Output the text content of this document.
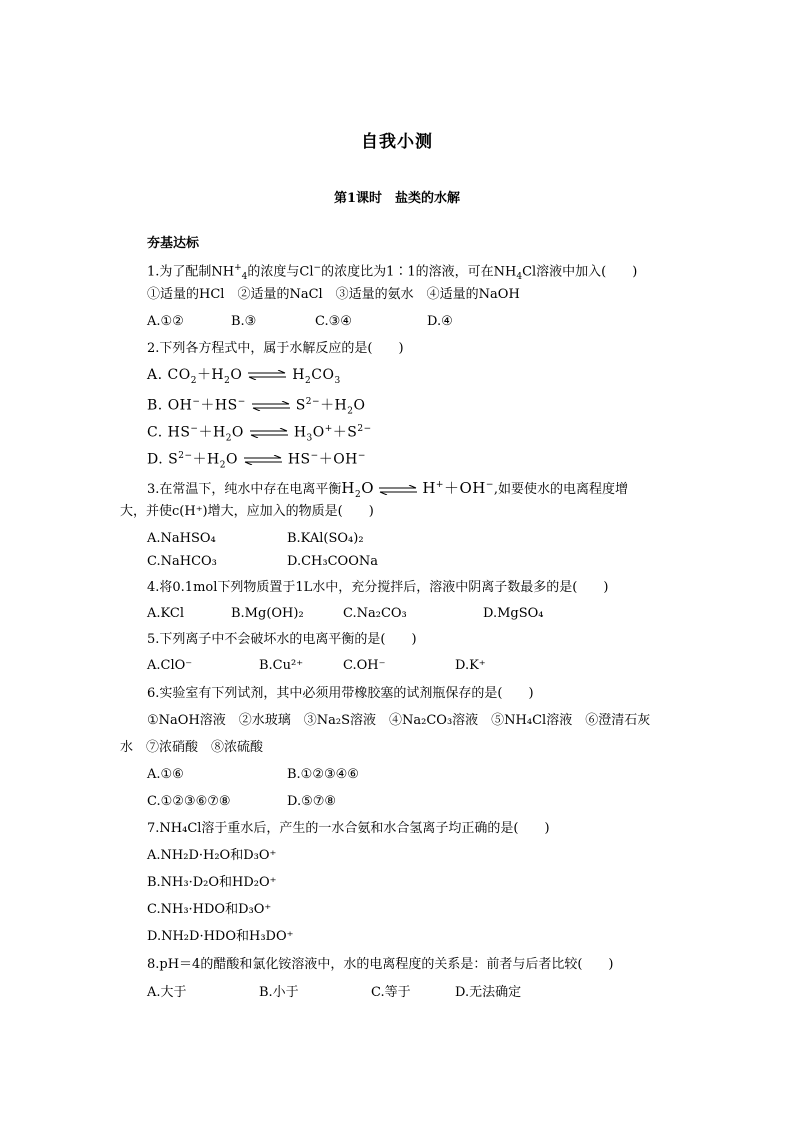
自我小测
第1课时　盐类的水解
夯基达标
1.为了配制$NH^+_4$的浓度与Cl−的浓度比为1∶1的溶液，可在$NH_4Cl$溶液中加入(　　)
①适量的HCl　②适量的NaCl　③适量的氨水　④适量的NaOH
A.①②	B.③	C.③④	D.④
2.下列各方程式中，属于水解反应的是(　　)
A. $CO_2+H_2O$ ⇌ $H_2CO_3$
B. OH−＋HS− ⇌ $S^{2-}+H_2O$
C. $HS^-+H_2O$ ⇌ $H_3O^++S^{2-}$
D. $S^{2-}+H_2O$ ⇌ HS−＋OH−
3.在常温下，纯水中存在电离平衡$H_2O$ ⇌ H+＋OH−,如要使水的电离程度增
大，并使c(H⁺)增大，应加入的物质是(　　)
A.NaHSO₄	B.KAl(SO₄)₂
C.NaHCO₃	D.CH₃COONa
4.将0.1mol下列物质置于1L水中，充分搅拌后，溶液中阴离子数最多的是(　　)
A.KCl	B.Mg(OH)₂	C.Na₂CO₃	D.MgSO₄
5.下列离子中不会破坏水的电离平衡的是(　　)
A.ClO⁻	B.Cu²⁺	C.OH⁻	D.K⁺
6.实验室有下列试剂，其中必须用带橡胶塞的试剂瓶保存的是(　　)
①NaOH溶液　②水玻璃　③Na₂S溶液　④Na₂CO₃溶液　⑤NH₄Cl溶液　⑥澄清石灰
水　⑦浓硝酸　⑧浓硫酸
A.①⑥	B.①②③④⑥
C.①②③⑥⑦⑧	D.⑤⑦⑧
7.NH₄Cl溶于重水后，产生的一水合氨和水合氢离子均正确的是(　　)
A.NH₂D·H₂O和D₃O⁺
B.NH₃·D₂O和HD₂O⁺
C.NH₃·HDO和D₃O⁺
D.NH₂D·HDO和H₃DO⁺
8.pH＝4的醋酸和氯化铵溶液中，水的电离程度的关系是：前者与后者比较(　　)
A.大于	B.小于	C.等于	D.无法确定
